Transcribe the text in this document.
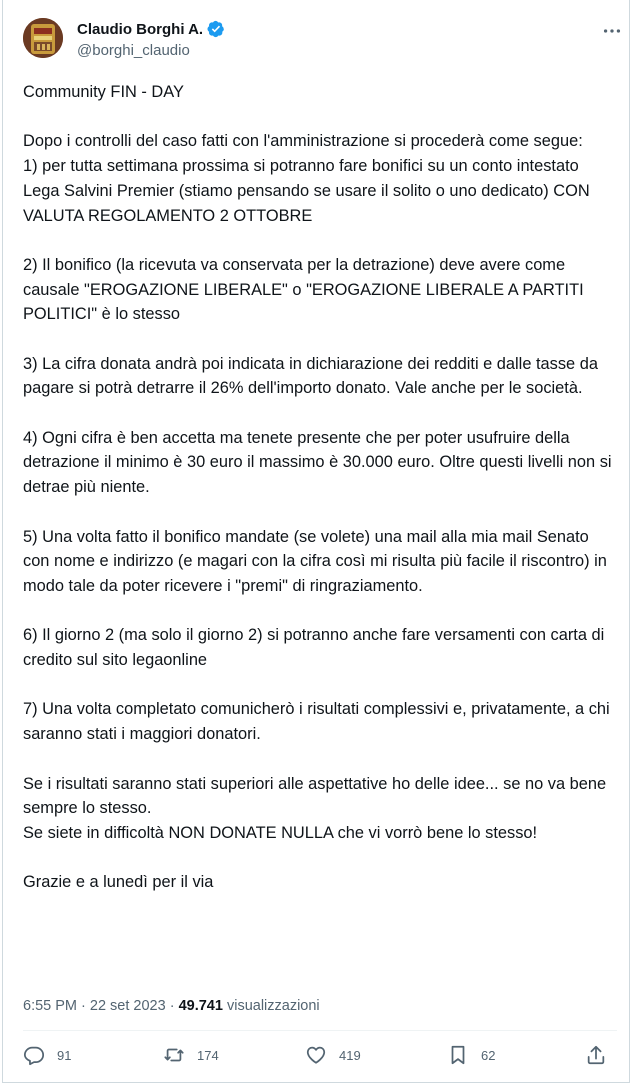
Claudio Borghi A.
@borghi_claudio

Community FIN - DAY

Dopo i controlli del caso fatti con l'amministrazione si procederà come segue:
1) per tutta settimana prossima si potranno fare bonifici su un conto intestato Lega Salvini Premier (stiamo pensando se usare il solito o uno dedicato) CON VALUTA REGOLAMENTO 2 OTTOBRE

2) Il bonifico (la ricevuta va conservata per la detrazione) deve avere come causale "EROGAZIONE LIBERALE" o "EROGAZIONE LIBERALE A PARTITI POLITICI" è lo stesso

3) La cifra donata andrà poi indicata in dichiarazione dei redditi e dalle tasse da pagare si potrà detrarre il 26% dell'importo donato. Vale anche per le società.

4) Ogni cifra è ben accetta ma tenete presente che per poter usufruire della detrazione il minimo è 30 euro il massimo è 30.000 euro. Oltre questi livelli non si detrae più niente.

5) Una volta fatto il bonifico mandate (se volete) una mail alla mia mail Senato con nome e indirizzo (e magari con la cifra così mi risulta più facile il riscontro) in modo tale da poter ricevere i "premi" di ringraziamento.

6) Il giorno 2 (ma solo il giorno 2) si potranno anche fare versamenti con carta di credito sul sito legaonline

7) Una volta completato comunicherò i risultati complessivi e, privatamente, a chi saranno stati i maggiori donatori.

Se i risultati saranno stati superiori alle aspettative ho delle idee... se no va bene sempre lo stesso.
Se siete in difficoltà NON DONATE NULLA che vi vorrò bene lo stesso!

Grazie e a lunedì per il via

6:55 PM · 22 set 2023 · 49.741 visualizzazioni
91	174	419	62
